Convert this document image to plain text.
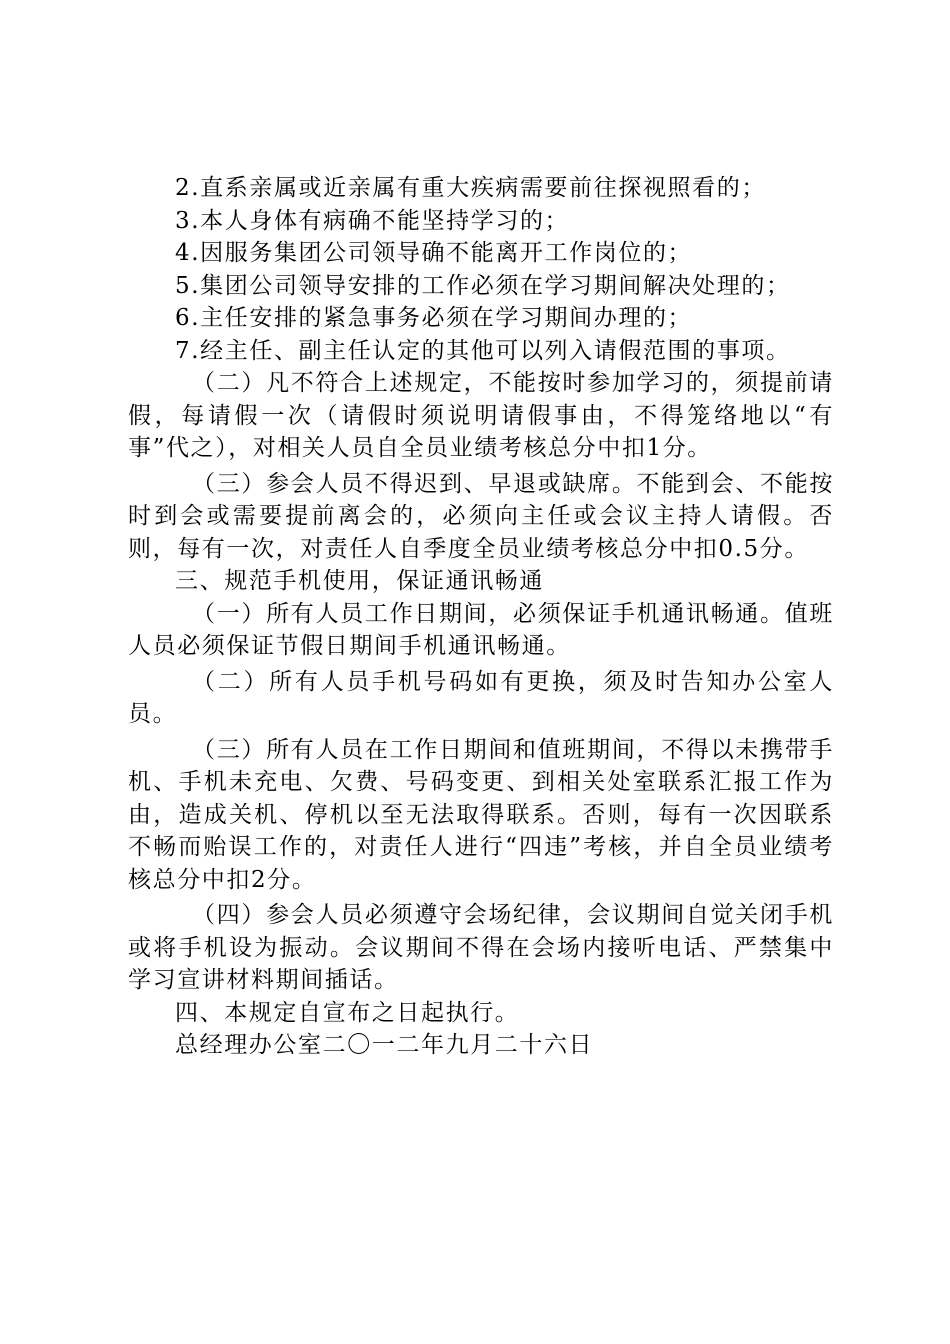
2.直系亲属或近亲属有重大疾病需要前往探视照看的；

3.本人身体有病确不能坚持学习的；

4.因服务集团公司领导确不能离开工作岗位的；

5.集团公司领导安排的工作必须在学习期间解决处理的；

6.主任安排的紧急事务必须在学习期间办理的；

7.经主任、副主任认定的其他可以列入请假范围的事项。

（二）凡不符合上述规定，不能按时参加学习的，须提前请假，每请假一次（请假时须说明请假事由，不得笼络地以“有事”代之），对相关人员自全员业绩考核总分中扣1分。

（三）参会人员不得迟到、早退或缺席。不能到会、不能按时到会或需要提前离会的，必须向主任或会议主持人请假。否则，每有一次，对责任人自季度全员业绩考核总分中扣0.5分。

三、规范手机使用，保证通讯畅通

（一）所有人员工作日期间，必须保证手机通讯畅通。值班人员必须保证节假日期间手机通讯畅通。

（二）所有人员手机号码如有更换，须及时告知办公室人员。

（三）所有人员在工作日期间和值班期间，不得以未携带手机、手机未充电、欠费、号码变更、到相关处室联系汇报工作为由，造成关机、停机以至无法取得联系。否则，每有一次因联系不畅而贻误工作的，对责任人进行“四违”考核，并自全员业绩考核总分中扣2分。

（四）参会人员必须遵守会场纪律，会议期间自觉关闭手机或将手机设为振动。会议期间不得在会场内接听电话、严禁集中学习宣讲材料期间插话。

四、本规定自宣布之日起执行。

总经理办公室二〇一二年九月二十六日
